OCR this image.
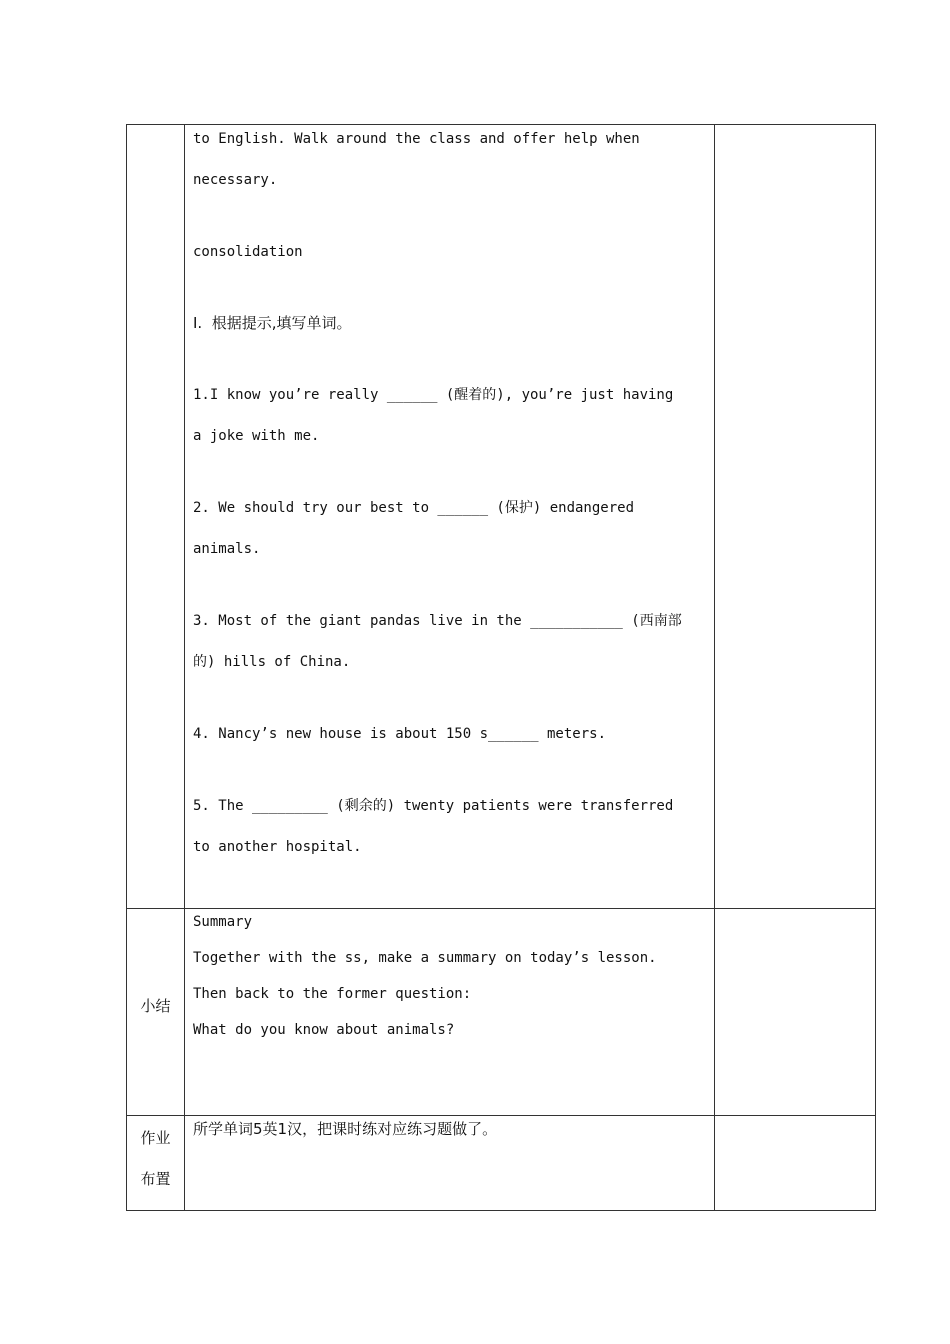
to English. Walk around the class and offer help when
necessary.
consolidation
I.  根据提示,填写单词。
1.I know you’re really ______ (醒着的), you’re just having
a joke with me.
2. We should try our best to ______ (保护) endangered
animals.
3. Most of the giant pandas live in the ___________ (西南部
的) hills of China.
4. Nancy’s new house is about 150 s______ meters.
5. The _________ (剩余的) twenty patients were transferred
to another hospital.
小结
Summary
Together with the ss, make a summary on today’s lesson.
Then back to the former question:
What do you know about animals?
作业
布置
所学单词5英1汉，把课时练对应练习题做了。
